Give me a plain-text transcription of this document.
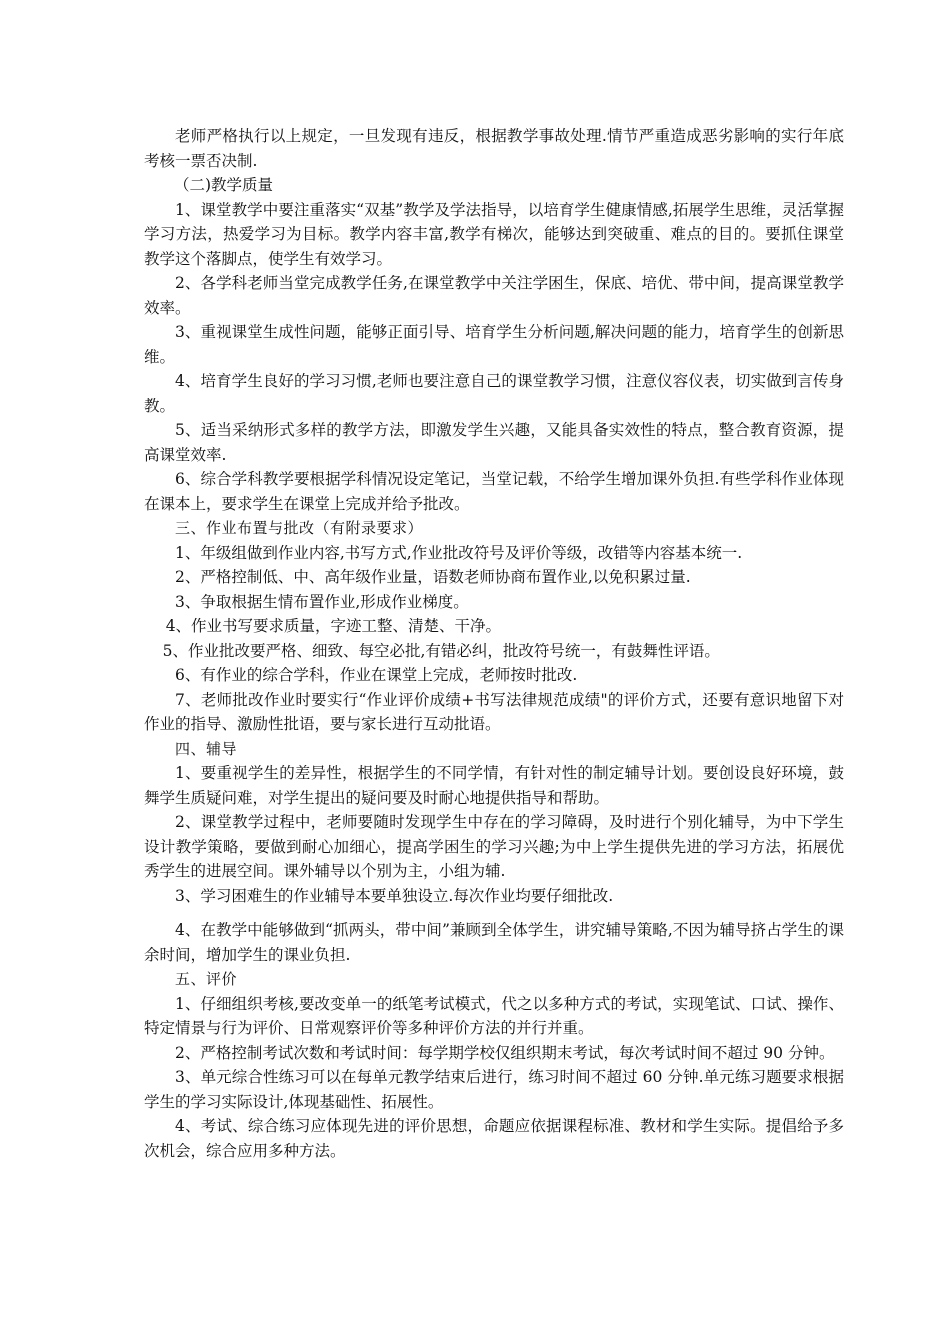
老师严格执行以上规定，一旦发现有违反，根据教学事故处理.情节严重造成恶劣影响的实行年底考核一票否决制.

（二)教学质量

1、课堂教学中要注重落实“双基”教学及学法指导，以培育学生健康情感,拓展学生思维，灵活掌握学习方法，热爱学习为目标。教学内容丰富,教学有梯次，能够达到突破重、难点的目的。要抓住课堂教学这个落脚点，使学生有效学习。

2、各学科老师当堂完成教学任务,在课堂教学中关注学困生，保底、培优、带中间，提高课堂教学效率。

3、重视课堂生成性问题，能够正面引导、培育学生分析问题,解决问题的能力，培育学生的创新思维。

4、培育学生良好的学习习惯,老师也要注意自己的课堂教学习惯，注意仪容仪表，切实做到言传身教。

5、适当采纳形式多样的教学方法，即激发学生兴趣，又能具备实效性的特点，整合教育资源，提高课堂效率.

6、综合学科教学要根据学科情况设定笔记，当堂记载，不给学生增加课外负担.有些学科作业体现在课本上，要求学生在课堂上完成并给予批改。

三、作业布置与批改（有附录要求）

1、年级组做到作业内容,书写方式,作业批改符号及评价等级，改错等内容基本统一.

2、严格控制低、中、高年级作业量，语数老师协商布置作业,以免积累过量.

3、争取根据生情布置作业,形成作业梯度。

4、作业书写要求质量，字迹工整、清楚、干净。

5、作业批改要严格、细致、每空必批,有错必纠，批改符号统一，有鼓舞性评语。

6、有作业的综合学科，作业在课堂上完成，老师按时批改.

7、老师批改作业时要实行“作业评价成绩+书写法律规范成绩"的评价方式，还要有意识地留下对作业的指导、激励性批语，要与家长进行互动批语。

四、辅导

1、要重视学生的差异性，根据学生的不同学情，有针对性的制定辅导计划。要创设良好环境，鼓舞学生质疑问难，对学生提出的疑问要及时耐心地提供指导和帮助。

2、课堂教学过程中，老师要随时发现学生中存在的学习障碍，及时进行个别化辅导，为中下学生设计教学策略，要做到耐心加细心，提高学困生的学习兴趣;为中上学生提供先进的学习方法，拓展优秀学生的进展空间。课外辅导以个别为主，小组为辅.

3、学习困难生的作业辅导本要单独设立.每次作业均要仔细批改.

4、在教学中能够做到“抓两头，带中间”兼顾到全体学生，讲究辅导策略,不因为辅导挤占学生的课余时间，增加学生的课业负担.

五、评价

1、仔细组织考核,要改变单一的纸笔考试模式，代之以多种方式的考试，实现笔试、口试、操作、特定情景与行为评价、日常观察评价等多种评价方法的并行并重。

2、严格控制考试次数和考试时间：每学期学校仅组织期末考试，每次考试时间不超过 90 分钟。

3、单元综合性练习可以在每单元教学结束后进行，练习时间不超过 60 分钟.单元练习题要求根据学生的学习实际设计,体现基础性、拓展性。

4、考试、综合练习应体现先进的评价思想，命题应依据课程标准、教材和学生实际。提倡给予多次机会，综合应用多种方法。
